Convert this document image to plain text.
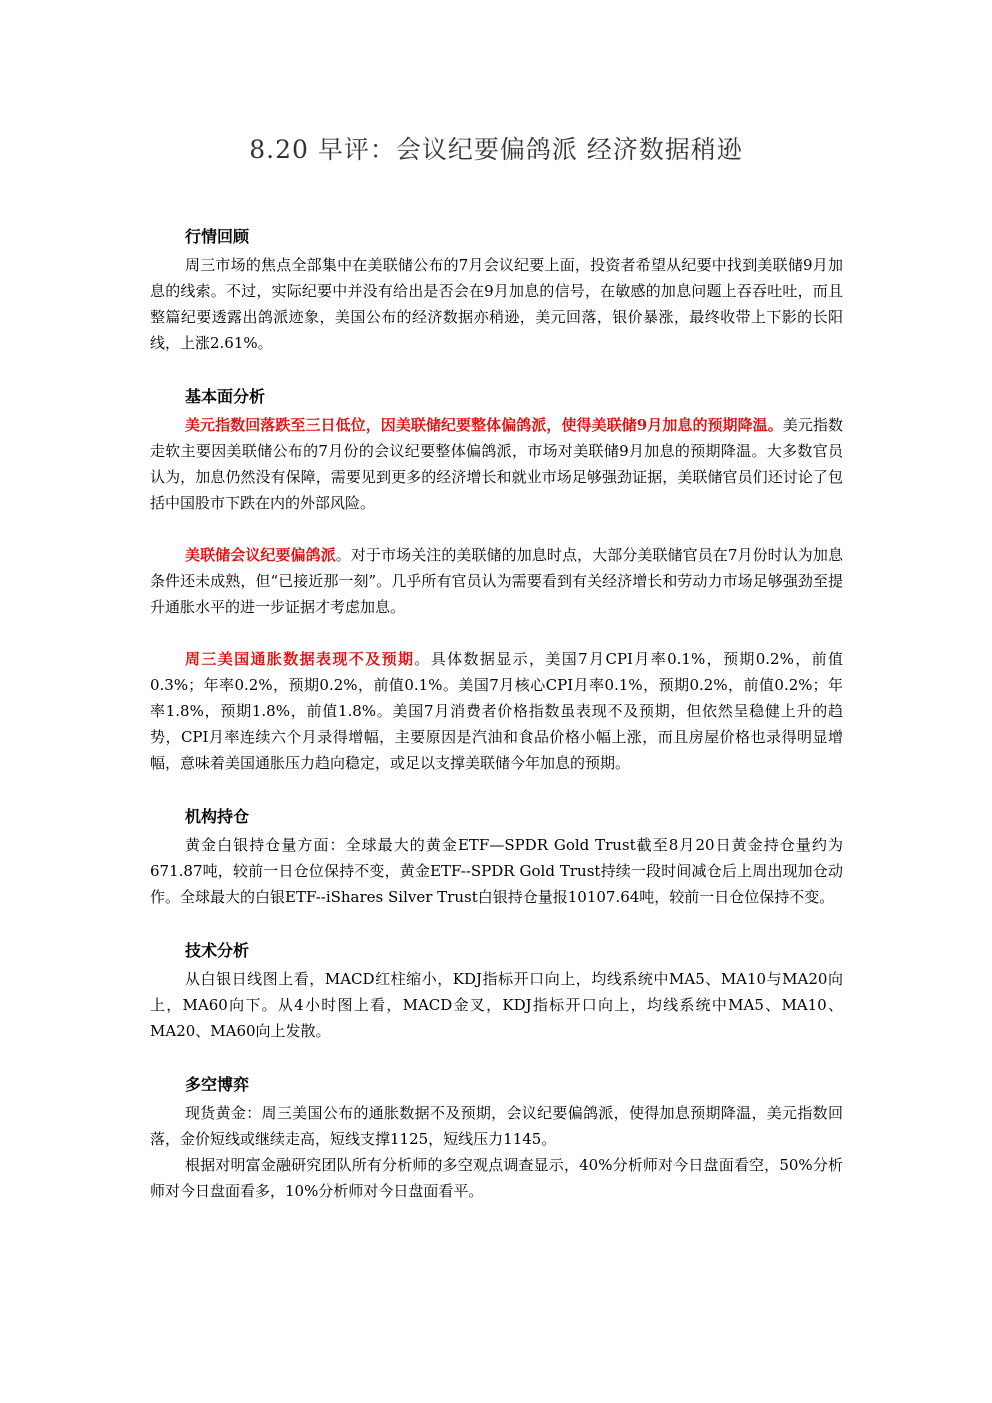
8.20 早评：会议纪要偏鸽派 经济数据稍逊
行情回顾

周三市场的焦点全部集中在美联储公布的7月会议纪要上面，投资者希望从纪要中找到美联储9月加息的线索。不过，实际纪要中并没有给出是否会在9月加息的信号，在敏感的加息问题上吞吞吐吐，而且整篇纪要透露出鸽派迹象，美国公布的经济数据亦稍逊，美元回落，银价暴涨，最终收带上下影的长阳线，上涨2.61%。

基本面分析

美元指数回落跌至三日低位，因美联储纪要整体偏鸽派，使得美联储9月加息的预期降温。美元指数走软主要因美联储公布的7月份的会议纪要整体偏鸽派，市场对美联储9月加息的预期降温。大多数官员认为，加息仍然没有保障，需要见到更多的经济增长和就业市场足够强劲证据，美联储官员们还讨论了包括中国股市下跌在内的外部风险。

美联储会议纪要偏鸽派。对于市场关注的美联储的加息时点，大部分美联储官员在7月份时认为加息条件还未成熟，但“已接近那一刻”。几乎所有官员认为需要看到有关经济增长和劳动力市场足够强劲至提升通胀水平的进一步证据才考虑加息。

周三美国通胀数据表现不及预期。具体数据显示，美国7月CPI月率0.1%，预期0.2%，前值0.3%；年率0.2%，预期0.2%，前值0.1%。美国7月核心CPI月率0.1%，预期0.2%，前值0.2%；年率1.8%，预期1.8%，前值1.8%。美国7月消费者价格指数虽表现不及预期，但依然呈稳健上升的趋势，CPI月率连续六个月录得增幅，主要原因是汽油和食品价格小幅上涨，而且房屋价格也录得明显增幅，意味着美国通胀压力趋向稳定，或足以支撑美联储今年加息的预期。

机构持仓

黄金白银持仓量方面：全球最大的黄金ETF—SPDR Gold Trust截至8月20日黄金持仓量约为671.87吨，较前一日仓位保持不变，黄金ETF--SPDR Gold Trust持续一段时间减仓后上周出现加仓动作。全球最大的白银ETF--iShares Silver Trust白银持仓量报10107.64吨，较前一日仓位保持不变。

技术分析

从白银日线图上看，MACD红柱缩小，KDJ指标开口向上，均线系统中MA5、MA10与MA20向上，MA60向下。从4小时图上看，MACD金叉，KDJ指标开口向上，均线系统中MA5、MA10、MA20、MA60向上发散。

多空博弈

现货黄金：周三美国公布的通胀数据不及预期，会议纪要偏鸽派，使得加息预期降温，美元指数回落，金价短线或继续走高，短线支撑1125，短线压力1145。

根据对明富金融研究团队所有分析师的多空观点调查显示，40%分析师对今日盘面看空，50%分析师对今日盘面看多，10%分析师对今日盘面看平。
